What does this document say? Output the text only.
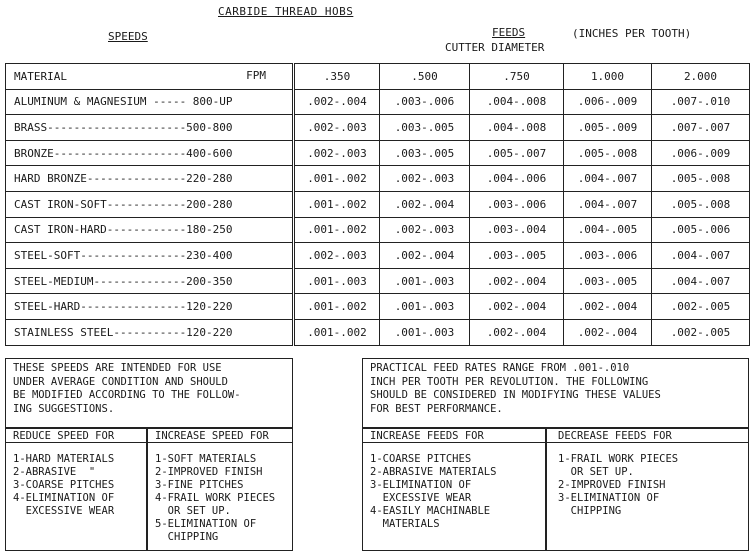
CARBIDE THREAD HOBS
SPEEDS	FEEDS	(INCHES PER TOOTH)
CUTTER DIAMETER
MATERIAL FPM	.350	.500	.750	1.000	2.000
ALUMINUM & MAGNESIUM ----- 800-UP	.002-.004	.003-.006	.004-.008	.006-.009	.007-.010
BRASS---------------------500-800	.002-.003	.003-.005	.004-.008	.005-.009	.007-.007
BRONZE--------------------400-600	.002-.003	.003-.005	.005-.007	.005-.008	.006-.009
HARD BRONZE---------------220-280	.001-.002	.002-.003	.004-.006	.004-.007	.005-.008
CAST IRON-SOFT------------200-280	.001-.002	.002-.004	.003-.006	.004-.007	.005-.008
CAST IRON-HARD------------180-250	.001-.002	.002-.003	.003-.004	.004-.005	.005-.006
STEEL-SOFT----------------230-400	.002-.003	.002-.004	.003-.005	.003-.006	.004-.007
STEEL-MEDIUM--------------200-350	.001-.003	.001-.003	.002-.004	.003-.005	.004-.007
STEEL-HARD----------------120-220	.001-.002	.001-.003	.002-.004	.002-.004	.002-.005
STAINLESS STEEL-----------120-220	.001-.002	.001-.003	.002-.004	.002-.004	.002-.005
THESE SPEEDS ARE INTENDED FOR USE
UNDER AVERAGE CONDITION AND SHOULD
BE MODIFIED ACCORDING TO THE FOLLOW-
ING SUGGESTIONS.
REDUCE SPEED FOR	INCREASE SPEED FOR
1-HARD MATERIALS
2-ABRASIVE  "
3-COARSE PITCHES
4-ELIMINATION OF
EXCESSIVE WEAR
1-SOFT MATERIALS
2-IMPROVED FINISH
3-FINE PITCHES
4-FRAIL WORK PIECES
OR SET UP.
5-ELIMINATION OF
CHIPPING
PRACTICAL FEED RATES RANGE FROM .001-.010
INCH PER TOOTH PER REVOLUTION. THE FOLLOWING
SHOULD BE CONSIDERED IN MODIFYING THESE VALUES
FOR BEST PERFORMANCE.
INCREASE FEEDS FOR	DECREASE FEEDS FOR
1-COARSE PITCHES
2-ABRASIVE MATERIALS
3-ELIMINATION OF
EXCESSIVE WEAR
4-EASILY MACHINABLE
MATERIALS
1-FRAIL WORK PIECES
OR SET UP.
2-IMPROVED FINISH
3-ELIMINATION OF
CHIPPING
